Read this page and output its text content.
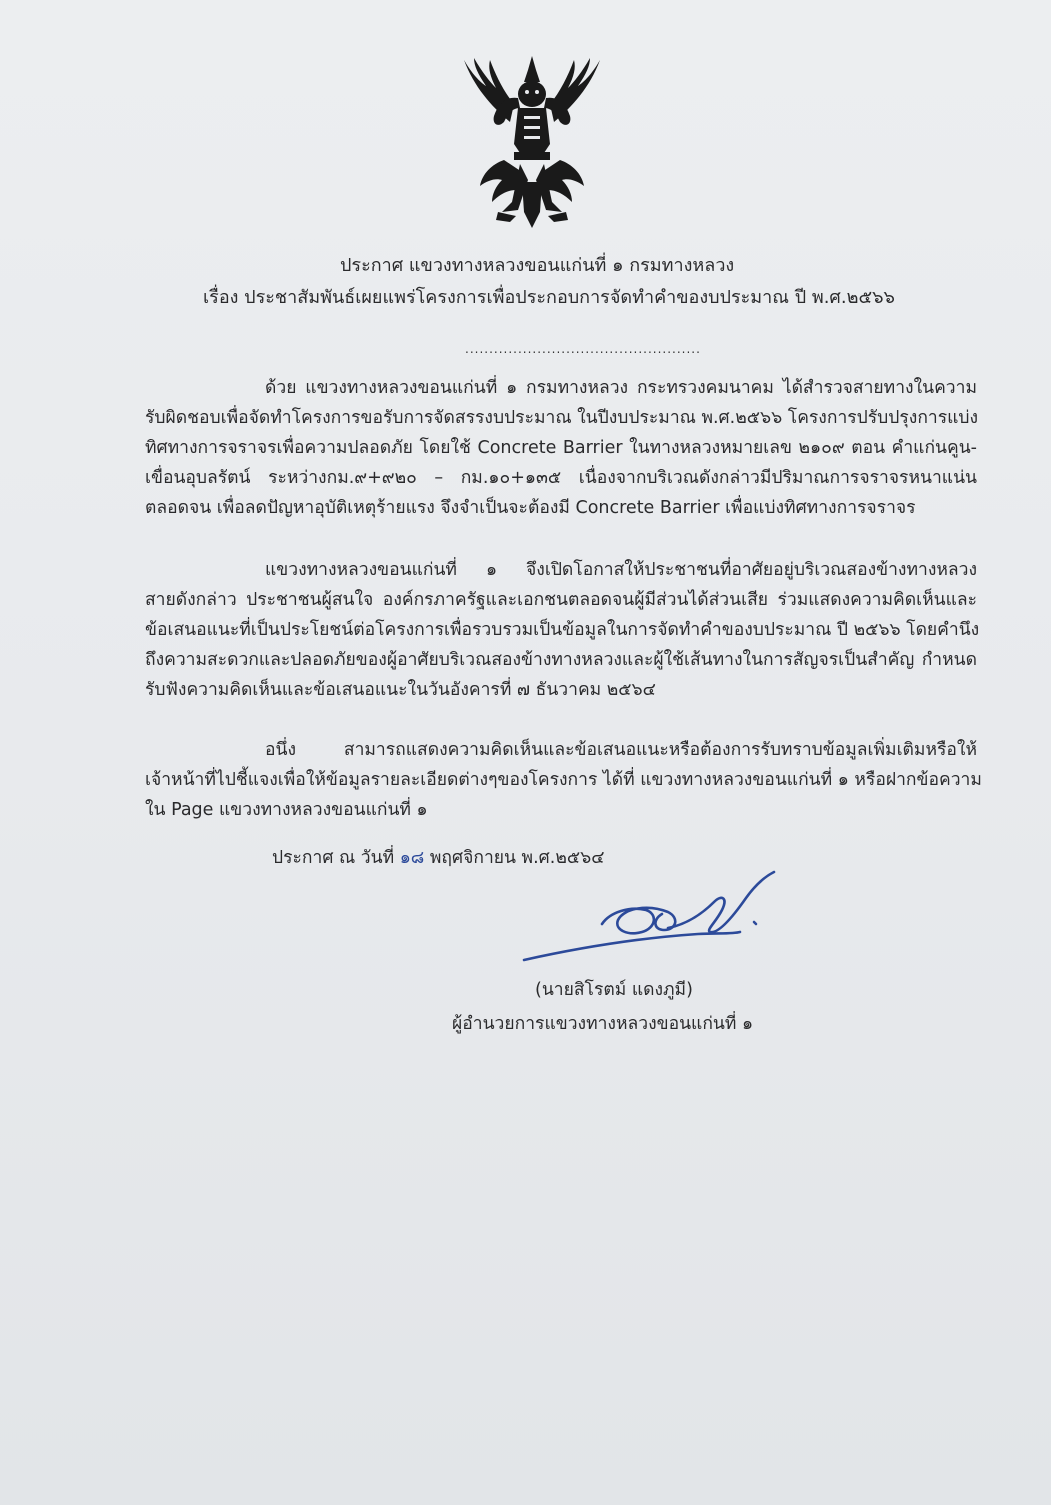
ประกาศ แขวงทางหลวงขอนแก่นที่ ๑ กรมทางหลวง
เรื่อง ประชาสัมพันธ์เผยแพร่โครงการเพื่อประกอบการจัดทำคำของบประมาณ ปี พ.ศ.๒๕๖๖
.................................................
ด้วย แขวงทางหลวงขอนแก่นที่ ๑ กรมทางหลวง กระทรวงคมนาคม ได้สำรวจสายทางในความ
รับผิดชอบเพื่อจัดทำโครงการขอรับการจัดสรรงบประมาณ ในปีงบประมาณ พ.ศ.๒๕๖๖ โครงการปรับปรุงการแบ่ง
ทิศทางการจราจรเพื่อความปลอดภัย โดยใช้ Concrete Barrier ในทางหลวงหมายเลข ๒๑๐๙ ตอน คำแก่นคูน-
เขื่อนอุบลรัตน์ ระหว่างกม.๙+๙๒๐ – กม.๑๐+๑๓๕ เนื่องจากบริเวณดังกล่าวมีปริมาณการจราจรหนาแน่น
ตลอดจน เพื่อลดปัญหาอุบัติเหตุร้ายแรง จึงจำเป็นจะต้องมี Concrete Barrier เพื่อแบ่งทิศทางการจราจร
แขวงทางหลวงขอนแก่นที่ ๑ จึงเปิดโอกาสให้ประชาชนที่อาศัยอยู่บริเวณสองข้างทางหลวง
สายดังกล่าว ประชาชนผู้สนใจ องค์กรภาครัฐและเอกชนตลอดจนผู้มีส่วนได้ส่วนเสีย ร่วมแสดงความคิดเห็นและ
ข้อเสนอแนะที่เป็นประโยชน์ต่อโครงการเพื่อรวบรวมเป็นข้อมูลในการจัดทำคำของบประมาณ ปี ๒๕๖๖ โดยคำนึง
ถึงความสะดวกและปลอดภัยของผู้อาศัยบริเวณสองข้างทางหลวงและผู้ใช้เส้นทางในการสัญจรเป็นสำคัญ กำหนด
รับฟังความคิดเห็นและข้อเสนอแนะในวันอังคารที่ ๗ ธันวาคม ๒๕๖๔
อนึ่ง สามารถแสดงความคิดเห็นและข้อเสนอแนะหรือต้องการรับทราบข้อมูลเพิ่มเติมหรือให้
เจ้าหน้าที่ไปชี้แจงเพื่อให้ข้อมูลรายละเอียดต่างๆของโครงการ ได้ที่ แขวงทางหลวงขอนแก่นที่ ๑ หรือฝากข้อความ
ใน Page แขวงทางหลวงขอนแก่นที่ ๑
ประกาศ ณ วันที่ ๑๘ พฤศจิกายน พ.ศ.๒๕๖๔
(นายสิโรตม์ แดงภูมี)
ผู้อำนวยการแขวงทางหลวงขอนแก่นที่ ๑
